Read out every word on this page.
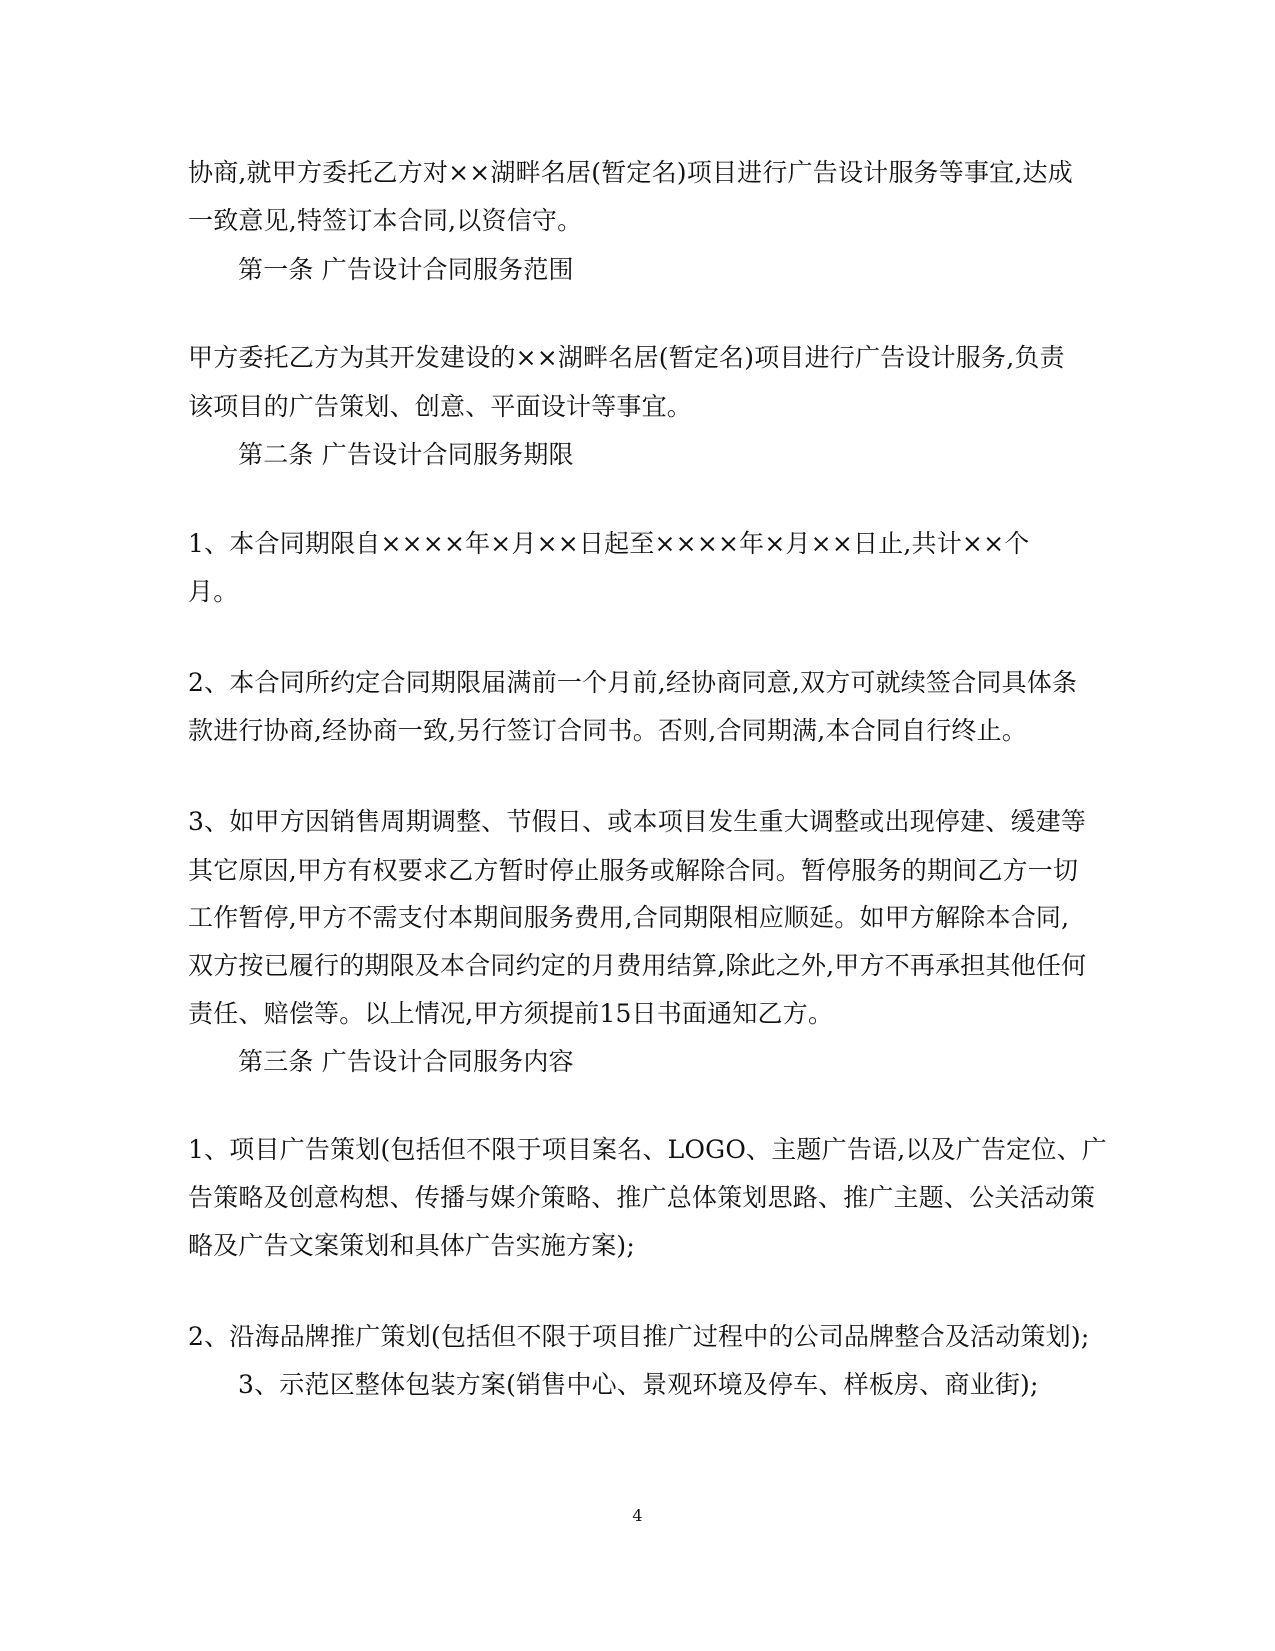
协商,就甲方委托乙方对××湖畔名居(暂定名)项目进行广告设计服务等事宜,达成
一致意见,特签订本合同,以资信守。
第一条 广告设计合同服务范围
甲方委托乙方为其开发建设的××湖畔名居(暂定名)项目进行广告设计服务,负责
该项目的广告策划、创意、平面设计等事宜。
第二条 广告设计合同服务期限
1、本合同期限自××××年×月××日起至××××年×月××日止,共计××个
月。
2、本合同所约定合同期限届满前一个月前,经协商同意,双方可就续签合同具体条
款进行协商,经协商一致,另行签订合同书。否则,合同期满,本合同自行终止。
3、如甲方因销售周期调整、节假日、或本项目发生重大调整或出现停建、缓建等
其它原因,甲方有权要求乙方暂时停止服务或解除合同。暂停服务的期间乙方一切
工作暂停,甲方不需支付本期间服务费用,合同期限相应顺延。如甲方解除本合同,
双方按已履行的期限及本合同约定的月费用结算,除此之外,甲方不再承担其他任何
责任、赔偿等。以上情况,甲方须提前15日书面通知乙方。
第三条 广告设计合同服务内容
1、项目广告策划(包括但不限于项目案名、LOGO、主题广告语,以及广告定位、广
告策略及创意构想、传播与媒介策略、推广总体策划思路、推广主题、公关活动策
略及广告文案策划和具体广告实施方案);
2、沿海品牌推广策划(包括但不限于项目推广过程中的公司品牌整合及活动策划);
3、示范区整体包装方案(销售中心、景观环境及停车、样板房、商业街);
4
